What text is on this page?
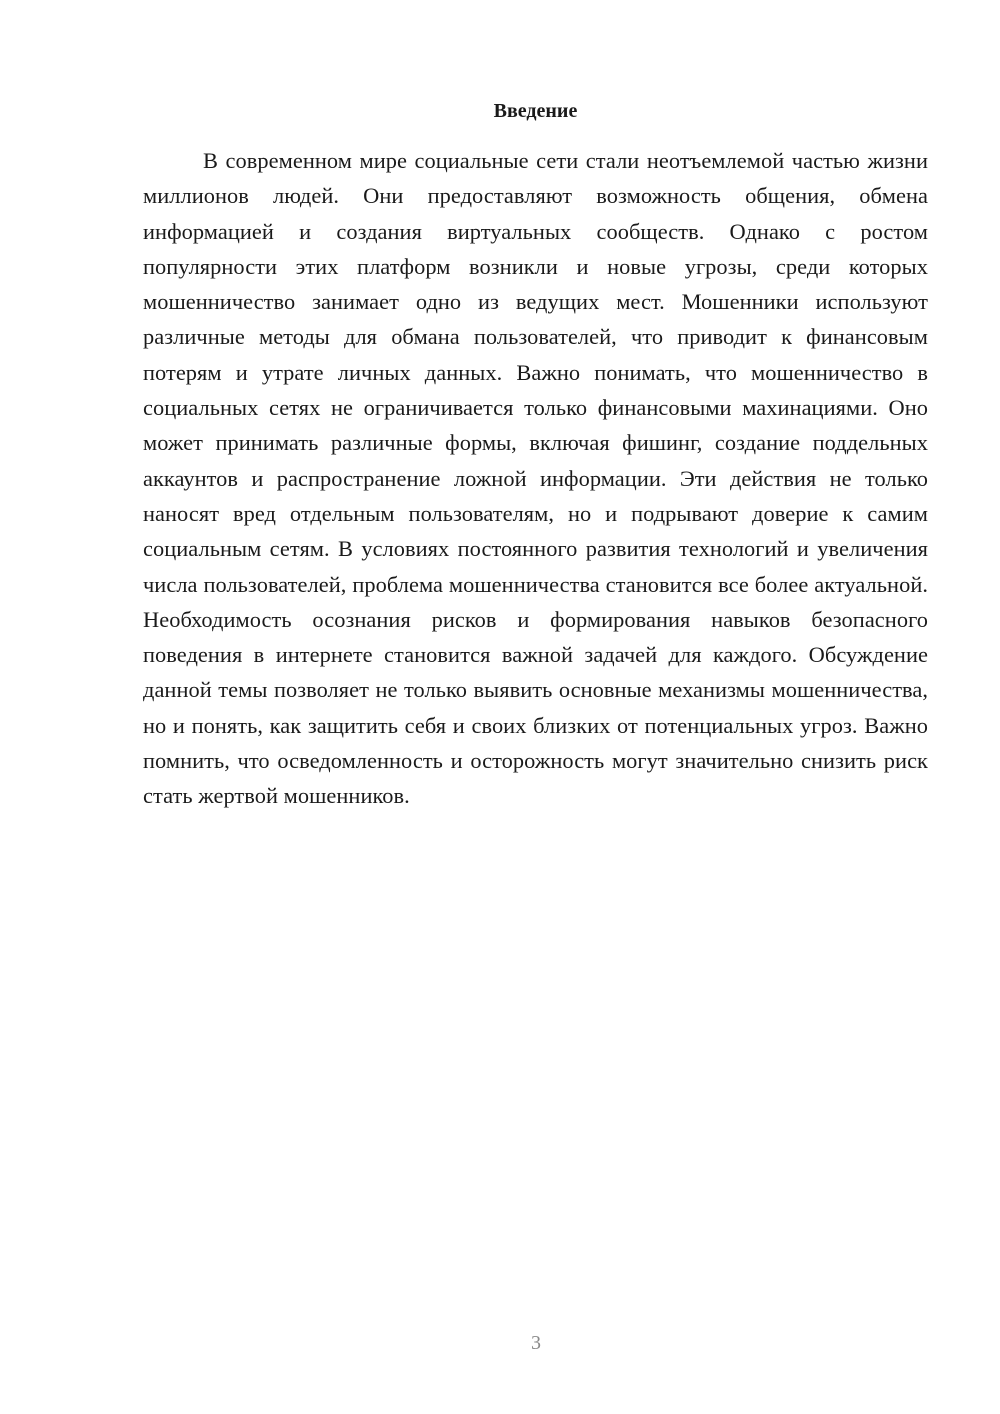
Введение

В современном мире социальные сети стали неотъемлемой частью жизни миллионов людей. Они предоставляют возможность общения, обмена информацией и создания виртуальных сообществ. Однако с ростом популярности этих платформ возникли и новые угрозы, среди которых мошенничество занимает одно из ведущих мест. Мошенники используют различные методы для обмана пользователей, что приводит к финансовым потерям и утрате личных данных. Важно понимать, что мошенничество в социальных сетях не ограничивается только финансовыми махинациями. Оно может принимать различные формы, включая фишинг, создание поддельных аккаунтов и распространение ложной информации. Эти действия не только наносят вред отдельным пользователям, но и подрывают доверие к самим социальным сетям. В условиях постоянного развития технологий и увеличения числа пользователей, проблема мошенничества становится все более актуальной. Необходимость осознания рисков и формирования навыков безопасного поведения в интернете становится важной задачей для каждого. Обсуждение данной темы позволяет не только выявить основные механизмы мошенничества, но и понять, как защитить себя и своих близких от потенциальных угроз. Важно помнить, что осведомленность и осторожность могут значительно снизить риск стать жертвой мошенников.

3
